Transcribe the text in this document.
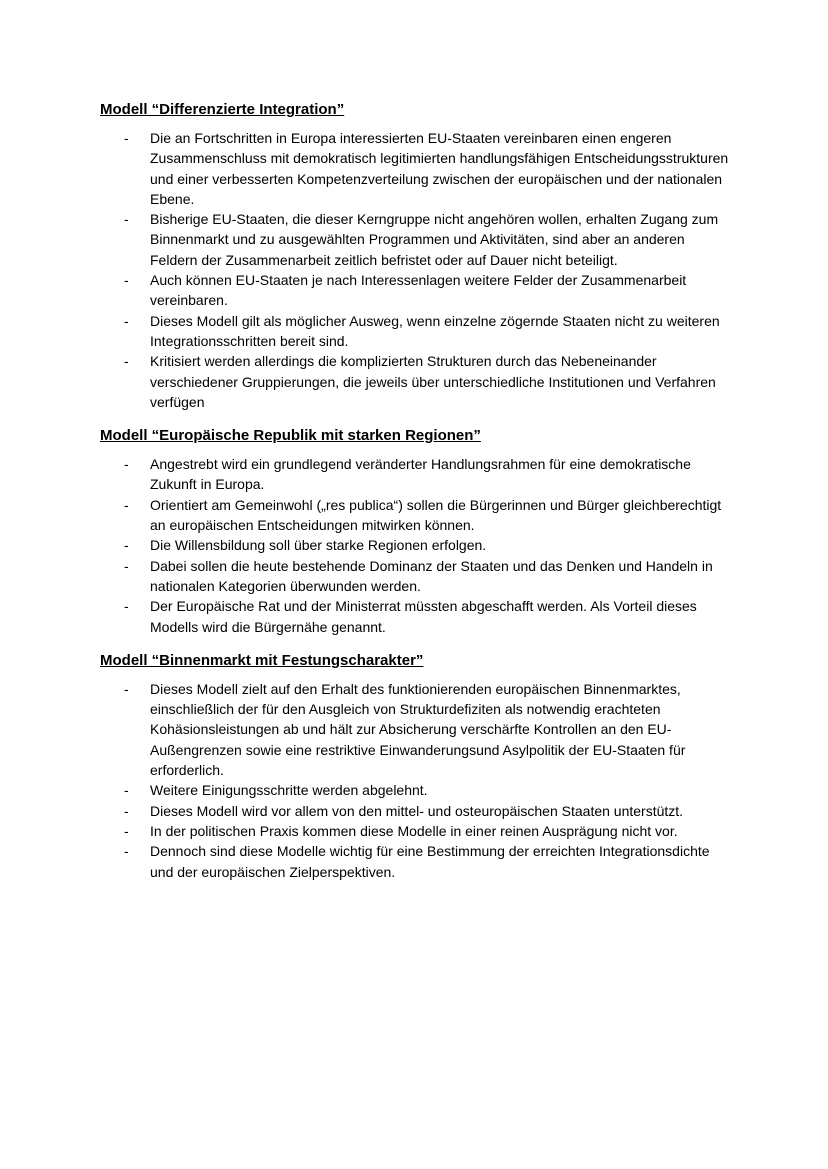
Modell “Differenzierte Integration”
- Die an Fortschritten in Europa interessierten EU-Staaten vereinbaren einen engeren Zusammenschluss mit demokratisch legitimierten handlungsfähigen Entscheidungsstrukturen und einer verbesserten Kompetenzverteilung zwischen der europäischen und der nationalen Ebene.
- Bisherige EU-Staaten, die dieser Kerngruppe nicht angehören wollen, erhalten Zugang zum Binnenmarkt und zu ausgewählten Programmen und Aktivitäten, sind aber an anderen Feldern der Zusammenarbeit zeitlich befristet oder auf Dauer nicht beteiligt.
- Auch können EU-Staaten je nach Interessenlagen weitere Felder der Zusammenarbeit vereinbaren.
- Dieses Modell gilt als möglicher Ausweg, wenn einzelne zögernde Staaten nicht zu weiteren Integrationsschritten bereit sind.
- Kritisiert werden allerdings die komplizierten Strukturen durch das Nebeneinander verschiedener Gruppierungen, die jeweils über unterschiedliche Institutionen und Verfahren verfügen
Modell “Europäische Republik mit starken Regionen”
- Angestrebt wird ein grundlegend veränderter Handlungsrahmen für eine demokratische Zukunft in Europa.
- Orientiert am Gemeinwohl („res publica“) sollen die Bürgerinnen und Bürger gleichberechtigt an europäischen Entscheidungen mitwirken können.
- Die Willensbildung soll über starke Regionen erfolgen.
- Dabei sollen die heute bestehende Dominanz der Staaten und das Denken und Handeln in nationalen Kategorien überwunden werden.
- Der Europäische Rat und der Ministerrat müssten abgeschafft werden. Als Vorteil dieses Modells wird die Bürgernähe genannt.
Modell “Binnenmarkt mit Festungscharakter”
- Dieses Modell zielt auf den Erhalt des funktionierenden europäischen Binnenmarktes, einschließlich der für den Ausgleich von Strukturdefiziten als notwendig erachteten Kohäsionsleistungen ab und hält zur Absicherung verschärfte Kontrollen an den EU-Außengrenzen sowie eine restriktive Einwanderungsund Asylpolitik der EU-Staaten für erforderlich.
- Weitere Einigungsschritte werden abgelehnt.
- Dieses Modell wird vor allem von den mittel- und osteuropäischen Staaten unterstützt.
- In der politischen Praxis kommen diese Modelle in einer reinen Ausprägung nicht vor.
- Dennoch sind diese Modelle wichtig für eine Bestimmung der erreichten Integrationsdichte und der europäischen Zielperspektiven.
